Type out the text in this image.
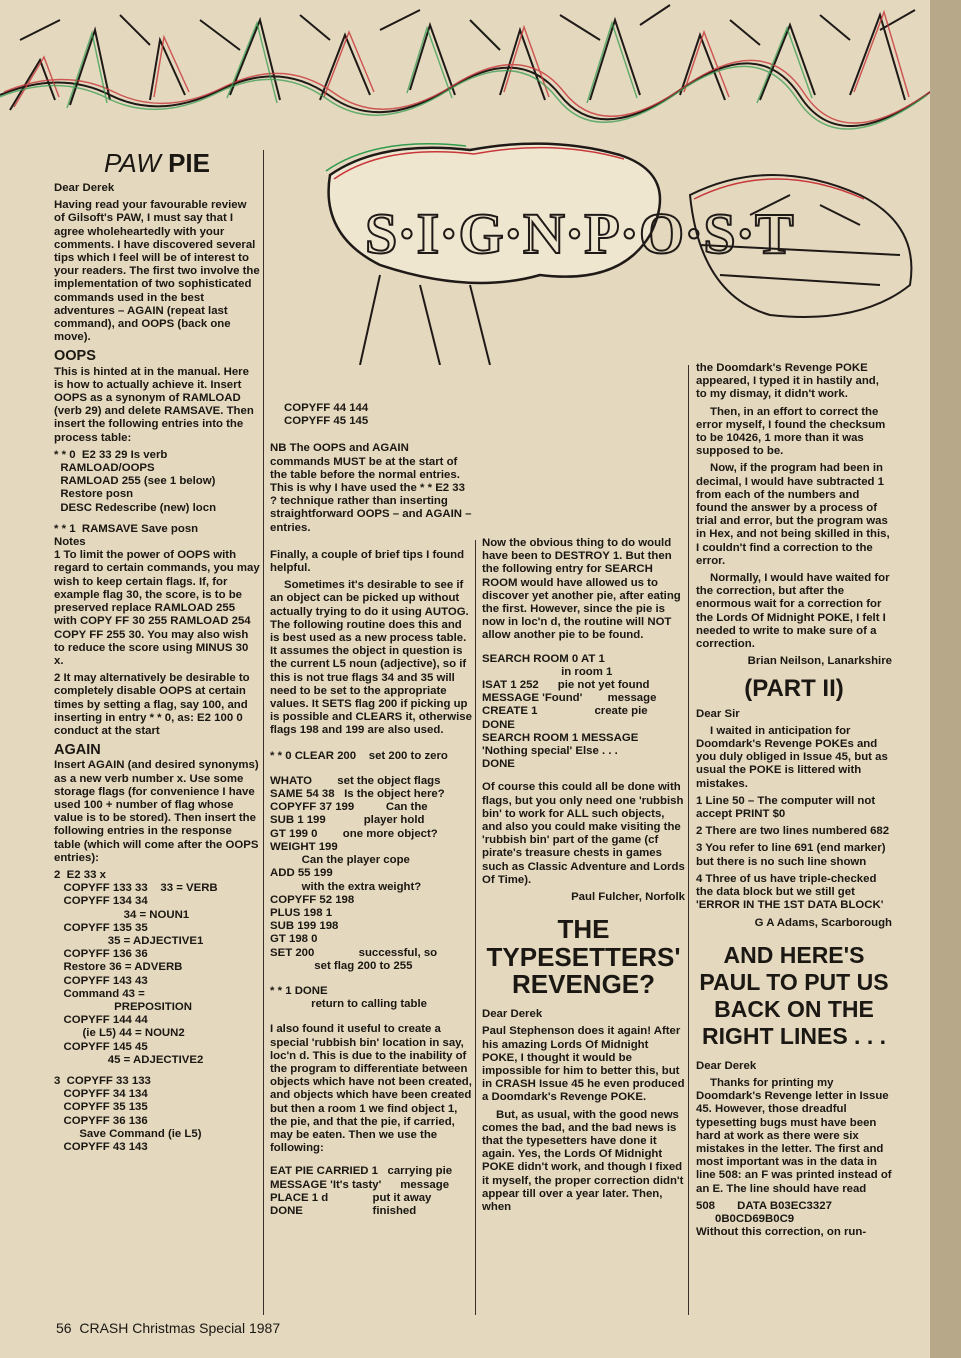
S·I·G·N·P·O·S·T
PAW PIE

Dear Derek

Having read your favourable review of Gilsoft's PAW, I must say that I agree wholeheartedly with your comments. I have discovered several tips which I feel will be of interest to your readers. The first two involve the implementation of two sophisticated commands used in the best adventures – AGAIN (repeat last command), and OOPS (back one move).

OOPS

This is hinted at in the manual. Here is how to actually achieve it. Insert OOPS as a synonym of RAMLOAD (verb 29) and delete RAMSAVE. Then insert the following entries into the process table:

* * 0  E2 33 29 Is verb
RAMLOAD/OOPS
RAMLOAD 255 (see 1 below)
Restore posn
DESC Redescribe (new) locn
* * 1  RAMSAVE Save posn
Notes

1 To limit the power of OOPS with regard to certain commands, you may wish to keep certain flags. If, for example flag 30, the score, is to be preserved replace RAMLOAD 255 with COPY FF 30 255 RAMLOAD 254 COPY FF 255 30. You may also wish to reduce the score using MINUS 30 x.

2 It may alternatively be desirable to completely disable OOPS at certain times by setting a flag, say 100, and inserting in entry * * 0, as: E2 100 0 conduct at the start

AGAIN

Insert AGAIN (and desired synonyms) as a new verb number x. Use some storage flags (for convenience I have used 100 + number of flag whose value is to be stored). Then insert the following entries in the response table (which will come after the OOPS entries):

2  E2 33 x
COPYFF 133 33    33 = VERB
COPYFF 134 34
34 = NOUN1
COPYFF 135 35
35 = ADJECTIVE1
COPYFF 136 36
Restore 36 = ADVERB
COPYFF 143 43
Command 43 =
PREPOSITION
COPYFF 144 44
(ie L5) 44 = NOUN2
COPYFF 145 45
45 = ADJECTIVE2
3  COPYFF 33 133
COPYFF 34 134
COPYFF 35 135
COPYFF 36 136
Save Command (ie L5)
COPYFF 43 143
COPYFF 44 144
COPYFF 45 145

NB The OOPS and AGAIN commands MUST be at the start of the table before the normal entries. This is why I have used the * * E2 33 ? technique rather than inserting straightforward OOPS – and AGAIN – entries.

Finally, a couple of brief tips I found helpful.

Sometimes it's desirable to see if an object can be picked up without actually trying to do it using AUTOG. The following routine does this and is best used as a new process table. It assumes the object in question is the current L5 noun (adjective), so if this is not true flags 34 and 35 will need to be set to the appropriate values. It SETS flag 200 if picking up is possible and CLEARS it, otherwise flags 198 and 199 are also used.

* * 0 CLEAR 200    set 200 to zero
WHATO        set the object flags
SAME 54 38   Is the object here?
COPYFF 37 199          Can the
SUB 1 199            player hold
GT 199 0        one more object?
WEIGHT 199
Can the player cope
ADD 55 199
with the extra weight?
COPYFF 52 198
PLUS 198 1
SUB 199 198
GT 198 0
SET 200              successful, so
set flag 200 to 255
* * 1 DONE
return to calling table

I also found it useful to create a special 'rubbish bin' location in say, loc'n d. This is due to the inability of the program to differentiate between objects which have not been created, and objects which have been created but then a room 1 we find object 1, the pie, and that the pie, if carried, may be eaten. Then we use the following:

EAT PIE CARRIED 1   carrying pie
MESSAGE 'It's tasty'      message
PLACE 1 d              put it away
DONE                      finished

Now the obvious thing to do would have been to DESTROY 1. But then the following entry for SEARCH ROOM would have allowed us to discover yet another pie, after eating the first. However, since the pie is now in loc'n d, the routine will NOT allow another pie to be found.

SEARCH ROOM 0 AT 1
in room 1
ISAT 1 252      pie not yet found
MESSAGE 'Found'        message
CREATE 1                  create pie
DONE
SEARCH ROOM 1 MESSAGE
'Nothing special' Else . . .
DONE

Of course this could all be done with flags, but you only need one 'rubbish bin' to work for ALL such objects, and also you could make visiting the 'rubbish bin' part of the game (cf pirate's treasure chests in games such as Classic Adventure and Lords Of Time).

Paul Fulcher, Norfolk
THE TYPESETTERS' REVENGE?

Dear Derek

Paul Stephenson does it again! After his amazing Lords Of Midnight POKE, I thought it would be impossible for him to better this, but in CRASH Issue 45 he even produced a Doomdark's Revenge POKE.

But, as usual, with the good news comes the bad, and the bad news is that the typesetters have done it again. Yes, the Lords Of Midnight POKE didn't work, and though I fixed it myself, the proper correction didn't appear till over a year later. Then, when

the Doomdark's Revenge POKE appeared, I typed it in hastily and, to my dismay, it didn't work.

Then, in an effort to correct the error myself, I found the checksum to be 10426, 1 more than it was supposed to be.

Now, if the program had been in decimal, I would have subtracted 1 from each of the numbers and found the answer by a process of trial and error, but the program was in Hex, and not being skilled in this, I couldn't find a correction to the error.

Normally, I would have waited for the correction, but after the enormous wait for a correction for the Lords Of Midnight POKE, I felt I needed to write to make sure of a correction.

Brian Neilson, Lanarkshire
(PART II)

Dear Sir

I waited in anticipation for Doomdark's Revenge POKEs and you duly obliged in Issue 45, but as usual the POKE is littered with mistakes.

1 Line 50 – The computer will not accept PRINT $0

2 There are two lines numbered 682

3 You refer to line 691 (end marker) but there is no such line shown

4 Three of us have triple-checked the data block but we still get 'ERROR IN THE 1ST DATA BLOCK'

G A Adams, Scarborough
AND HERE'S PAUL TO PUT US BACK ON THE RIGHT LINES . . .

Dear Derek

Thanks for printing my Doomdark's Revenge letter in Issue 45. However, those dreadful typesetting bugs must have been hard at work as there were six mistakes in the letter. The first and most important was in the data in line 508: an F was printed instead of an E. The line should have read

508       DATA B03EC3327
0B0CD69B0C9

Without this correction, on run-

56 CRASH Christmas Special 1987
